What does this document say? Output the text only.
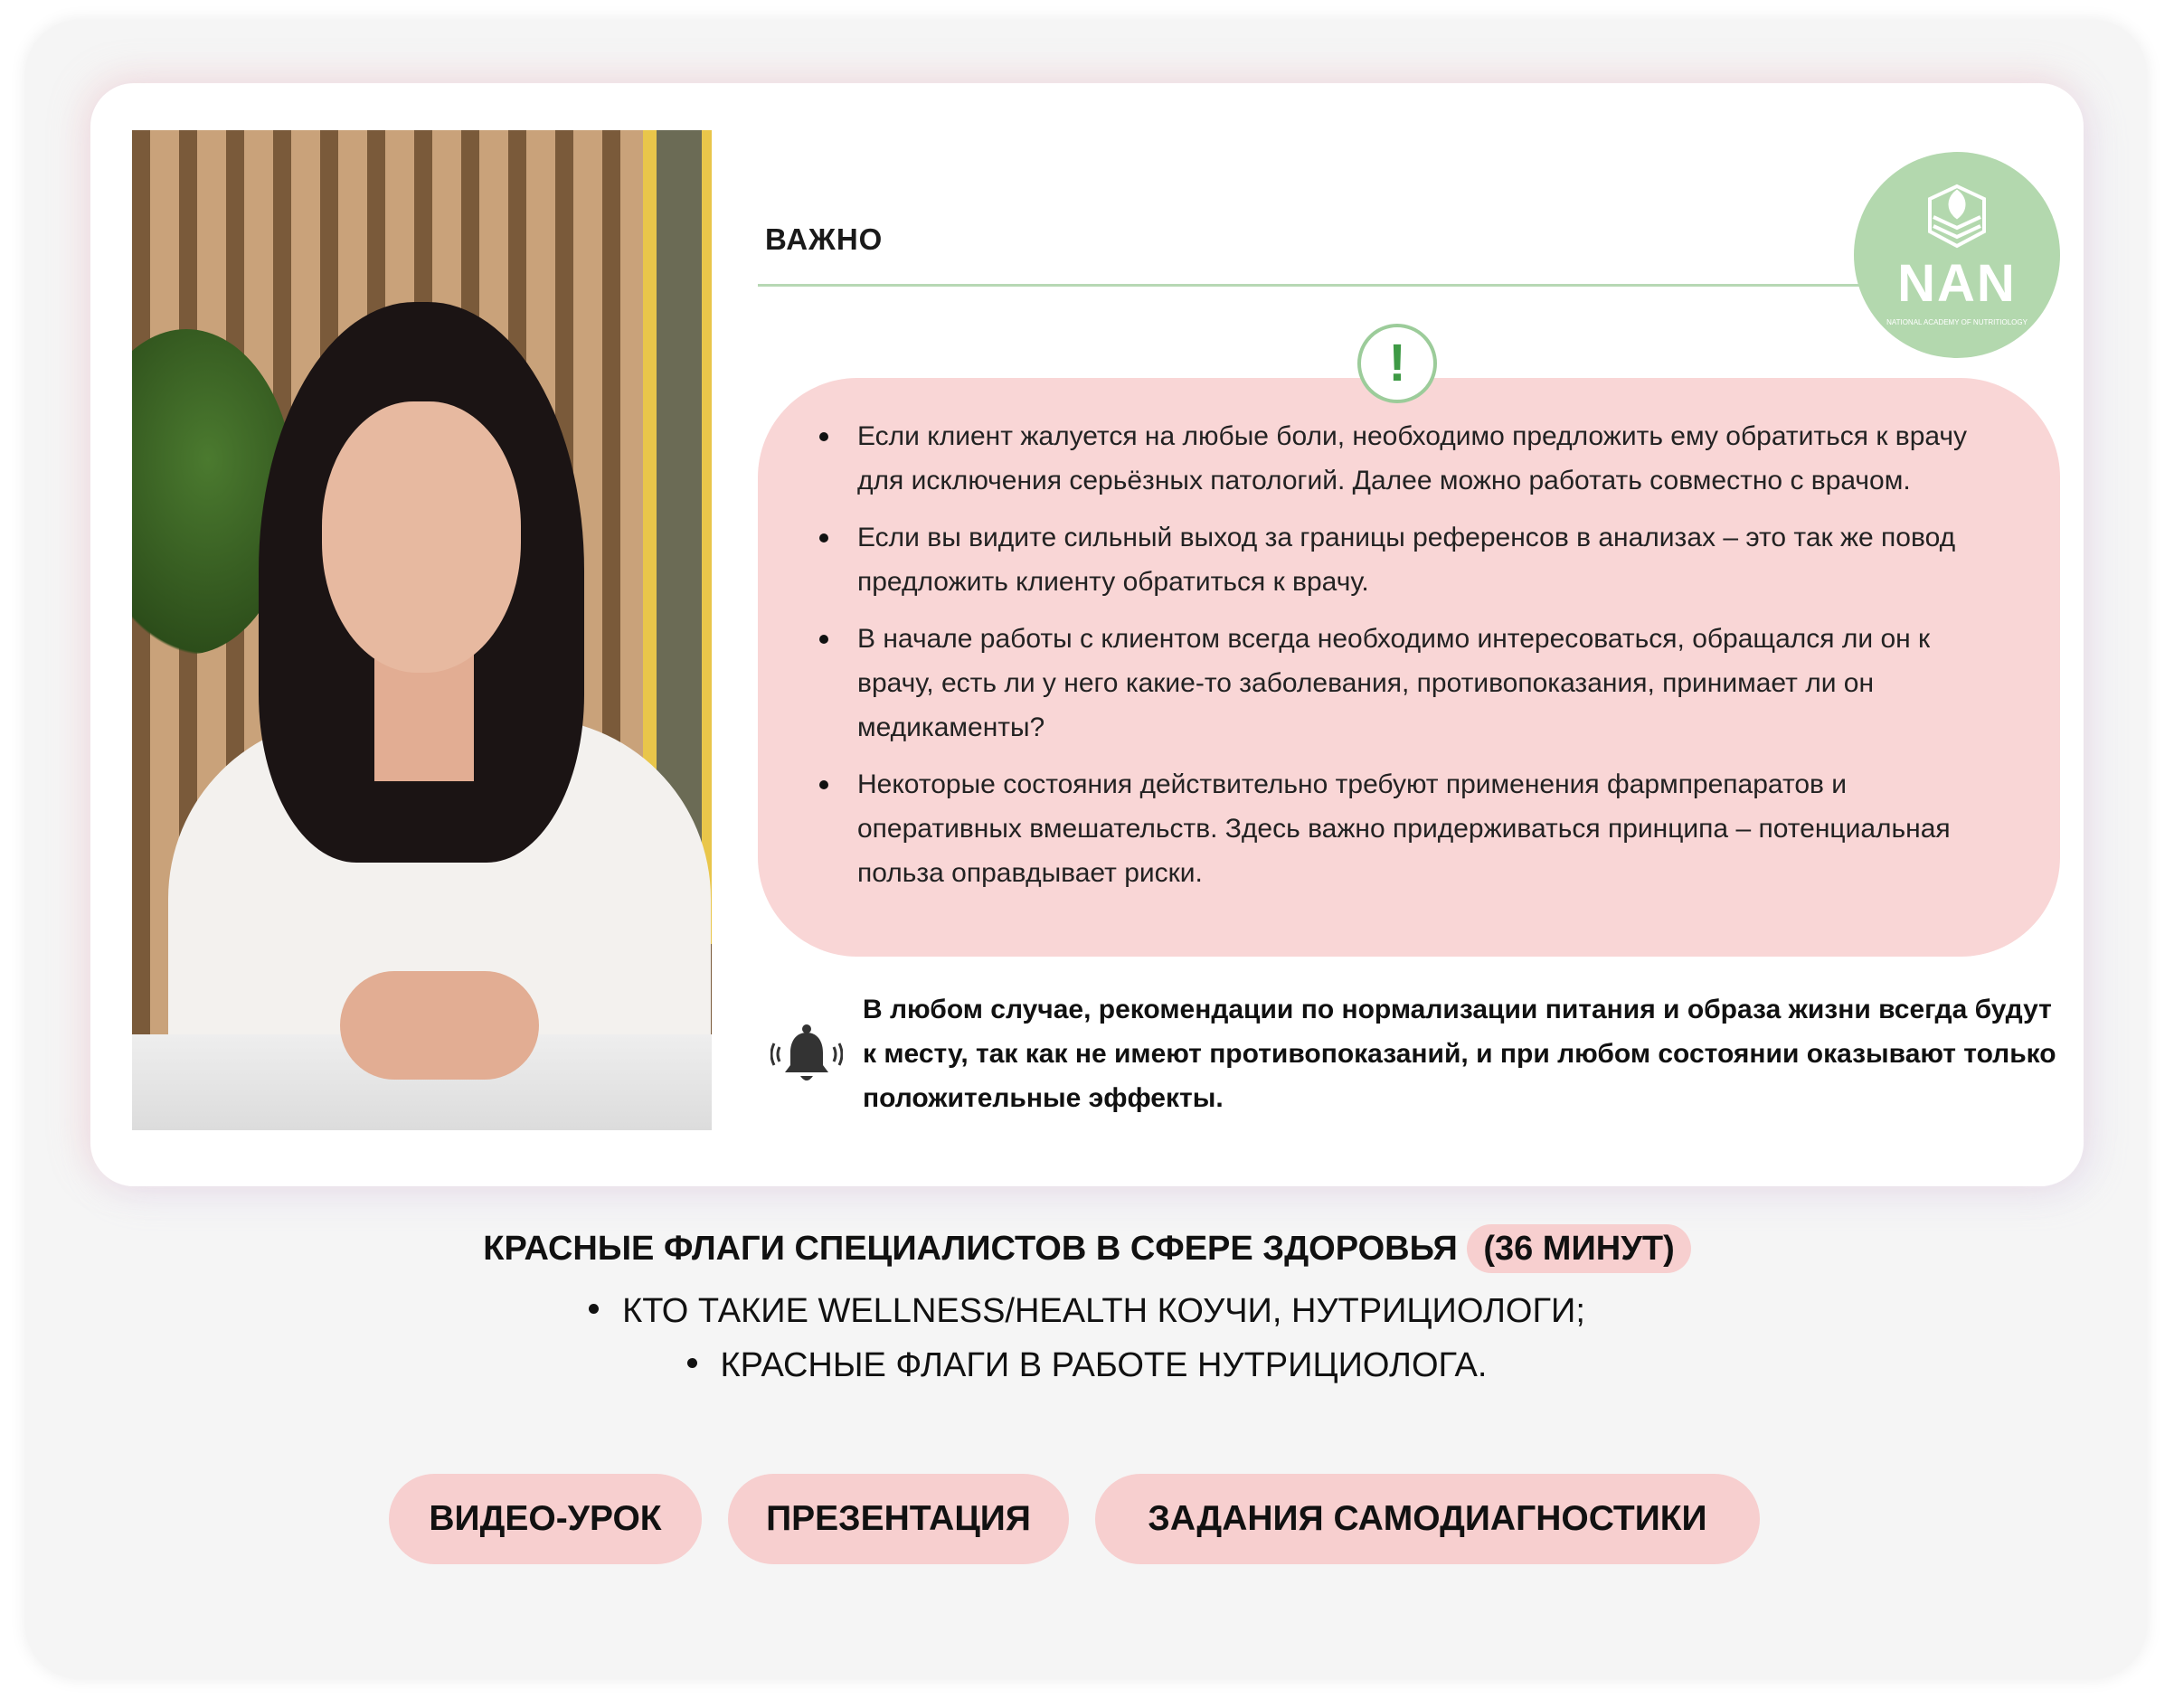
ВАЖНО
NAN
NATIONAL ACADEMY OF NUTRITIOLOGY
Если клиент жалуется на любые боли, необходимо предложить ему обратиться к врачу для исключения серьёзных патологий. Далее можно работать совместно с врачом.
Если вы видите сильный выход за границы референсов в анализах – это так же повод предложить клиенту обратиться к врачу.
В начале работы с клиентом всегда необходимо интересоваться, обращался ли он к врачу, есть ли у него какие-то заболевания, противопоказания, принимает ли он медикаменты?
Некоторые состояния действительно требуют применения фармпрепаратов и оперативных вмешательств. Здесь важно придерживаться принципа – потенциальная польза оправдывает риски.
!
В любом случае, рекомендации по нормализации питания и образа жизни всегда будут к месту, так как не имеют противопоказаний, и при любом состоянии оказывают только положительные эффекты.
КРАСНЫЕ ФЛАГИ СПЕЦИАЛИСТОВ В СФЕРЕ ЗДОРОВЬЯ (36 МИНУТ)
КТО ТАКИЕ WELLNESS/HEALTH КОУЧИ, НУТРИЦИОЛОГИ;
КРАСНЫЕ ФЛАГИ В РАБОТЕ НУТРИЦИОЛОГА.
ВИДЕО-УРОК	ПРЕЗЕНТАЦИЯ	ЗАДАНИЯ САМОДИАГНОСТИКИ
